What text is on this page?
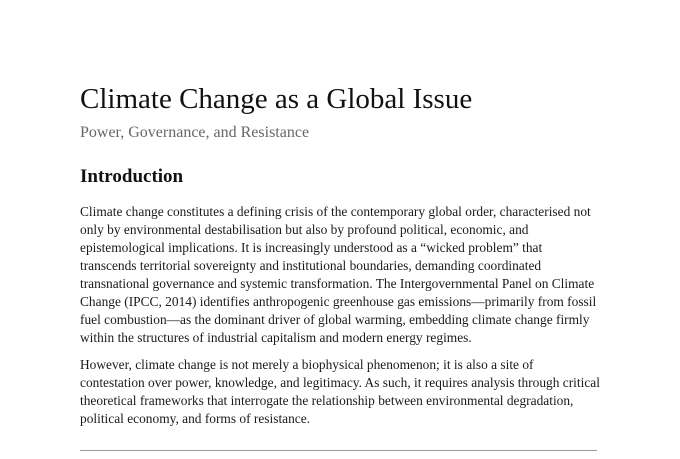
Climate Change as a Global Issue
Power, Governance, and Resistance
Introduction

Climate change constitutes a defining crisis of the contemporary global order, characterised not only by environmental destabilisation but also by profound political, economic, and epistemological implications. It is increasingly understood as a “wicked problem” that transcends territorial sovereignty and institutional boundaries, demanding coordinated transnational governance and systemic transformation. The Intergovernmental Panel on Climate Change (IPCC, 2014) identifies anthropogenic greenhouse gas emissions—primarily from fossil fuel combustion—as the dominant driver of global warming, embedding climate change firmly within the structures of industrial capitalism and modern energy regimes.

However, climate change is not merely a biophysical phenomenon; it is also a site of contestation over power, knowledge, and legitimacy. As such, it requires analysis through critical theoretical frameworks that interrogate the relationship between environmental degradation, political economy, and forms of resistance.
